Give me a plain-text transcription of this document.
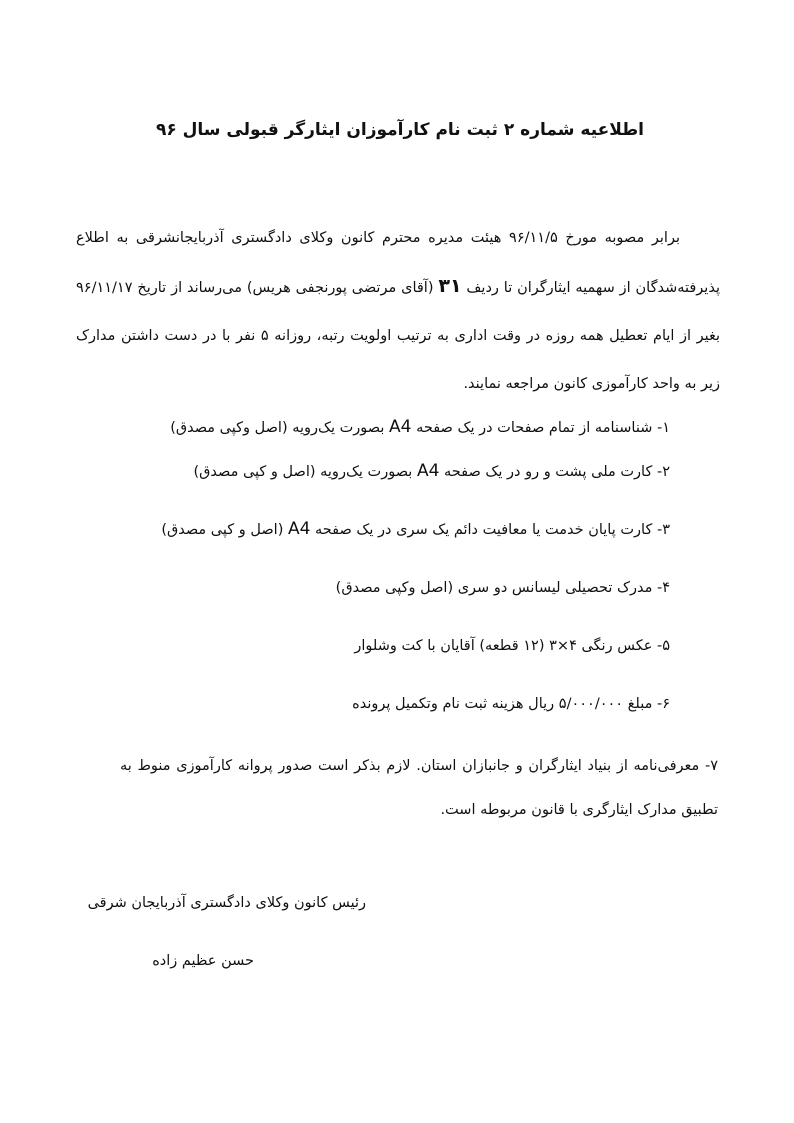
اطلاعیه شماره ۲ ثبت نام کارآموزان ایثارگر قبولی سال ۹۶
برابر مصوبه مورخ ۹۶/۱۱/۵ هیئت مدیره محترم کانون وکلای دادگستری آذربایجانشرقی به اطلاع پذیرفته‌شدگان از سهمیه ایثارگران تا ردیف ۳۱ (آقای مرتضی پورنجفی هریس) می‌رساند از تاریخ ۹۶/۱۱/۱۷ بغیر از ایام تعطیل همه روزه در وقت اداری به ترتیب اولویت رتبه، روزانه ۵ نفر با در دست داشتن مدارک زیر به واحد کارآموزی کانون مراجعه نمایند.
۱- شناسنامه از تمام صفحات در یک صفحه A4 بصورت یک‌رویه (اصل وکپی مصدق)
۲- کارت ملی پشت و رو در یک صفحه A4 بصورت یک‌رویه (اصل و کپی مصدق)
۳- کارت پایان خدمت یا معافیت دائم یک سری در یک صفحه A4 (اصل و کپی مصدق)
۴- مدرک تحصیلی لیسانس دو سری (اصل وکپی مصدق)
۵- عکس رنگی ۴×۳ (۱۲ قطعه) آقایان با کت وشلوار
۶- مبلغ ۵/۰۰۰/۰۰۰ ریال هزینه ثبت نام وتکمیل پرونده
۷- معرفی‌نامه از بنیاد ایثارگران و جانبازان استان. لازم بذکر است صدور پروانه کارآموزی منوط به تطبیق مدارک ایثارگری با قانون مربوطه است.
رئیس کانون وکلای دادگستری آذربایجان شرقی
حسن عظیم زاده
